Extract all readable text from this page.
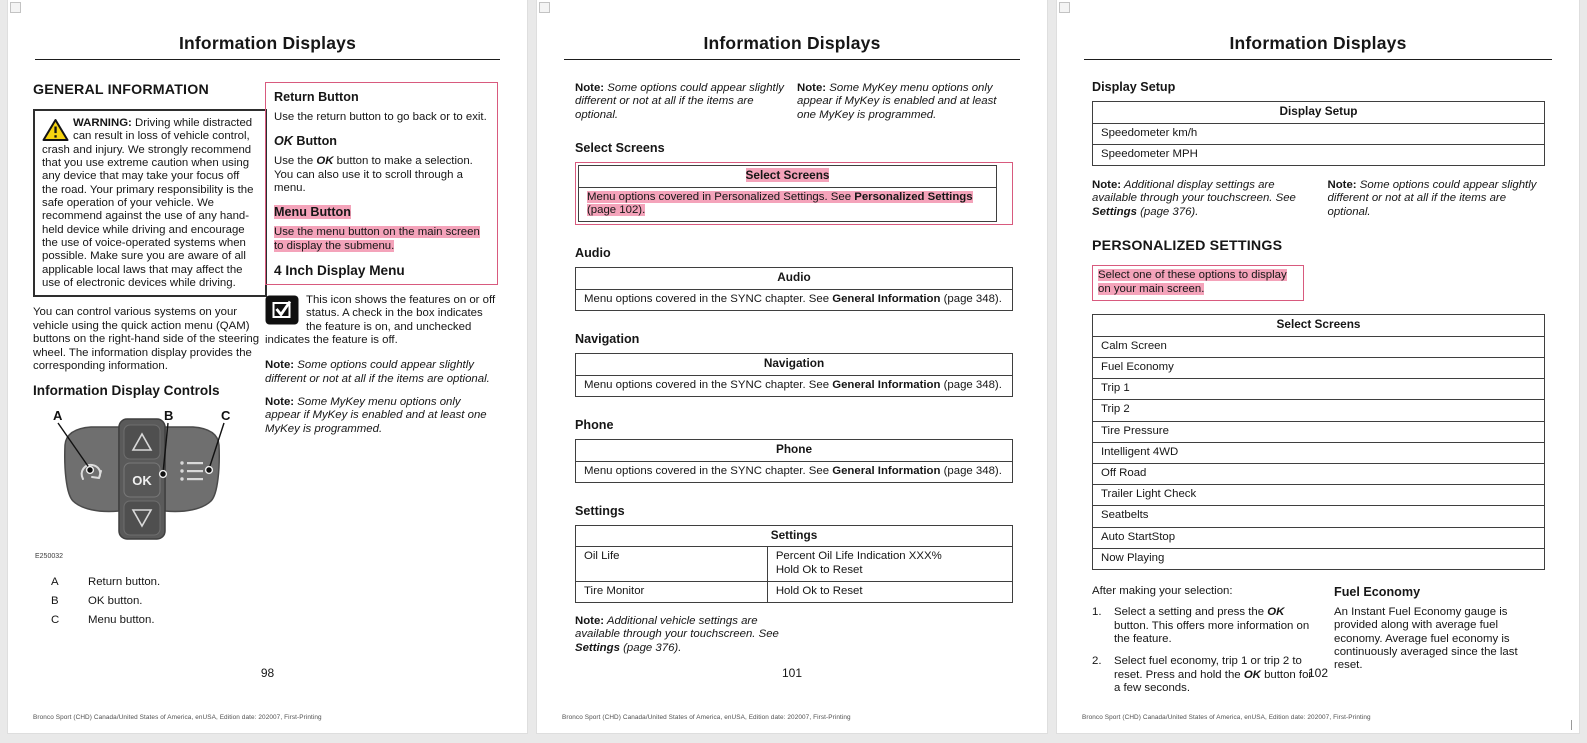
Information Displays
GENERAL INFORMATION
WARNING: Driving while distracted can result in loss of vehicle control, crash and injury. We strongly recommend that you use extreme caution when using any device that may take your focus off the road. Your primary responsibility is the safe operation of your vehicle. We recommend against the use of any hand-held device while driving and encourage the use of voice-operated systems when possible. Make sure you are aware of all applicable local laws that may affect the use of electronic devices while driving.

You can control various systems on your vehicle using the quick action menu (QAM) buttons on the right-hand side of the steering wheel. The information display provides the corresponding information.

Information Display Controls
OK
A	B	C
E250032
A	Return button.
B	OK button.
C	Menu button.
Return Button

Use the return button to go back or to exit.

OK Button

Use the OK button to make a selection. You can also use it to scroll through a menu.

Menu Button

Use the menu button on the main screen to display the submenu.

4 Inch Display Menu
This icon shows the features on or off status. A check in the box indicates the feature is on, and unchecked indicates the feature is off.

Note: Some options could appear slightly different or not at all if the items are optional.

Note: Some MyKey menu options only appear if MyKey is enabled and at least one MyKey is programmed.

98
Bronco Sport (CHD) Canada/United States of America, enUSA, Edition date: 202007, First-Printing
Information Displays

Note: Some options could appear slightly different or not at all if the items are optional.

Note: Some MyKey menu options only appear if MyKey is enabled and at least one MyKey is programmed.

Select Screens
Select Screens
Menu options covered in Personalized Settings. See Personalized Settings (page 102).
Audio
Audio
Menu options covered in the SYNC chapter. See General Information (page 348).
Navigation
Navigation
Menu options covered in the SYNC chapter. See General Information (page 348).
Phone
Phone
Menu options covered in the SYNC chapter. See General Information (page 348).
Settings
Settings
Oil Life	Percent Oil Life Indication XXX%
Hold Ok to Reset
Tire Monitor	Hold Ok to Reset

Note: Additional vehicle settings are available through your touchscreen. See Settings (page 376).

101
Bronco Sport (CHD) Canada/United States of America, enUSA, Edition date: 202007, First-Printing
Information Displays
Display Setup
Display Setup
Speedometer km/h
Speedometer MPH

Note: Additional display settings are available through your touchscreen. See Settings (page 376).

Note: Some options could appear slightly different or not at all if the items are optional.

PERSONALIZED SETTINGS
Select one of these options to display on your main screen.
Select Screens
Calm Screen
Fuel Economy
Trip 1
Trip 2
Tire Pressure
Intelligent 4WD
Off Road
Trailer Light Check
Seatbelts
Auto StartStop
Now Playing

After making your selection:

1.	Select a setting and press the OK button. This offers more information on the feature.
2.	Select fuel economy, trip 1 or trip 2 to reset. Press and hold the OK button for a few seconds.
Fuel Economy

An Instant Fuel Economy gauge is provided along with average fuel economy. Average fuel economy is continuously averaged since the last reset.

102
Bronco Sport (CHD) Canada/United States of America, enUSA, Edition date: 202007, First-Printing
